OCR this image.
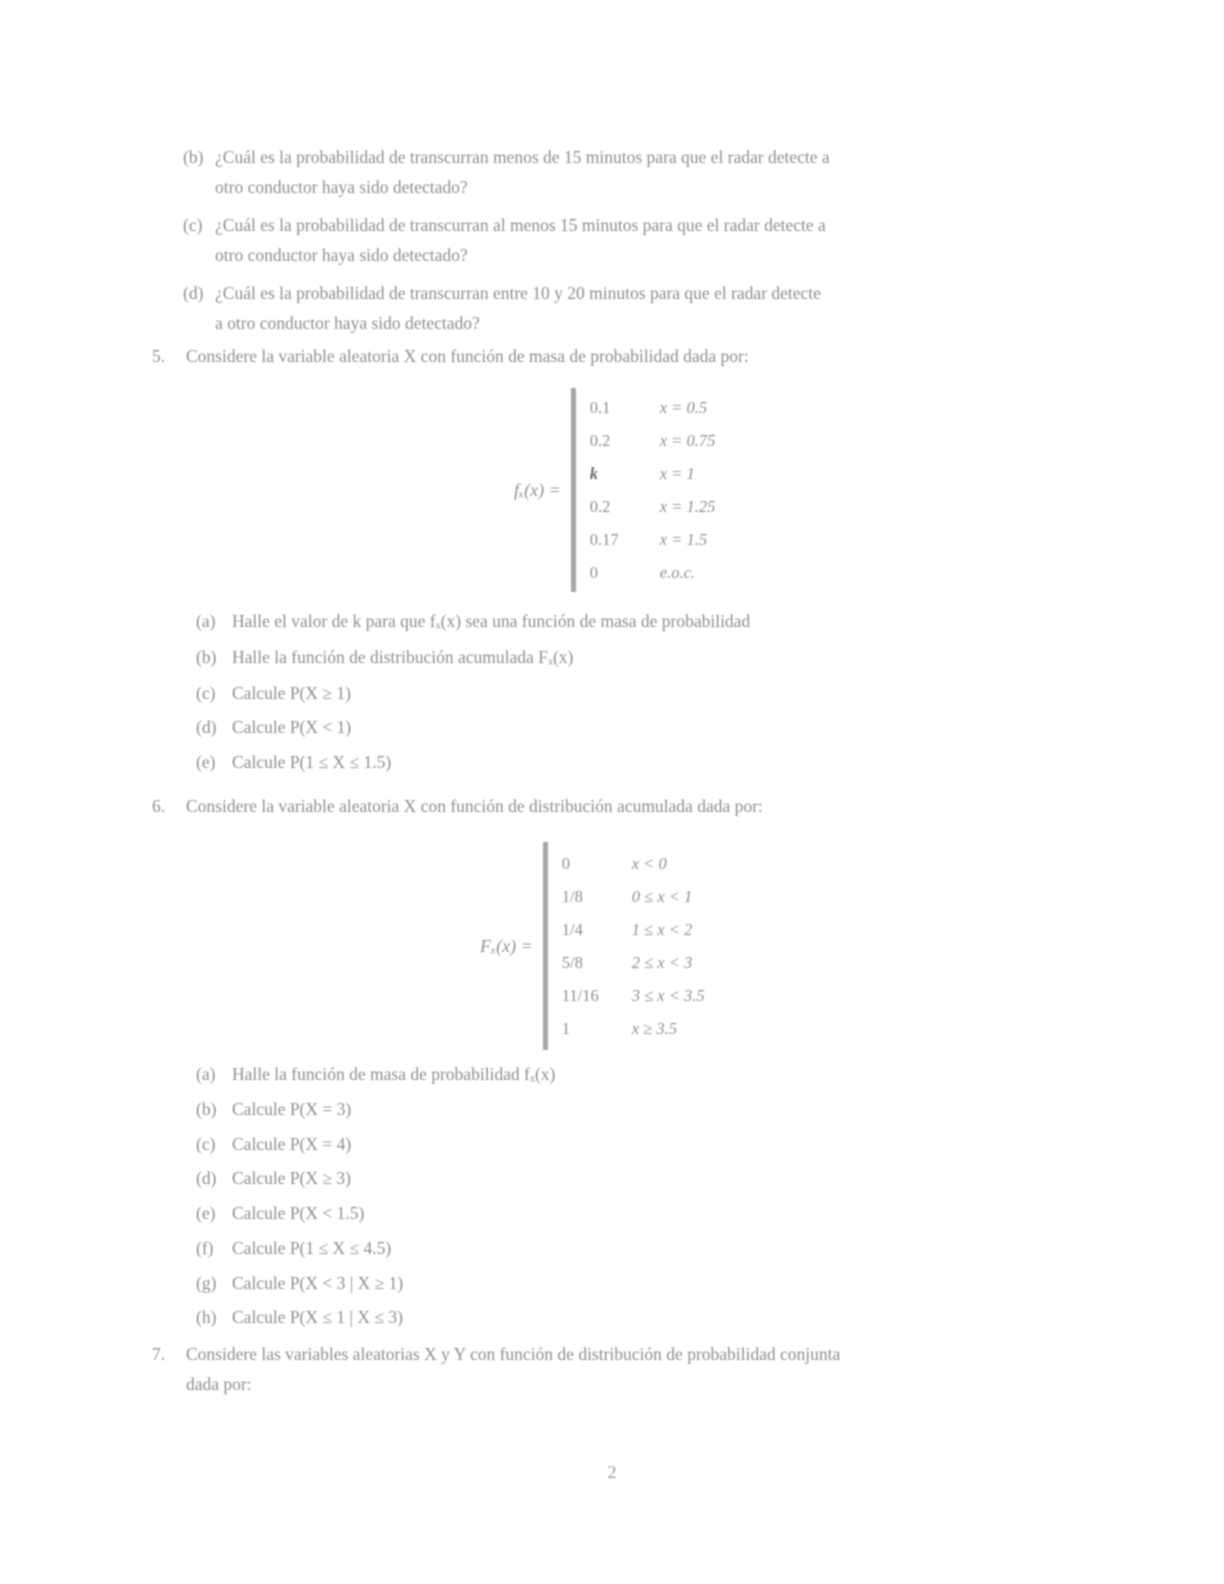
(b) ¿Cuál es la probabilidad de transcurran menos de 15 minutos para que el radar detecte a
otro conductor haya sido detectado?
(c) ¿Cuál es la probabilidad de transcurran al menos 15 minutos para que el radar detecte a
otro conductor haya sido detectado?
(d) ¿Cuál es la probabilidad de transcurran entre 10 y 20 minutos para que el radar detecte
a otro conductor haya sido detectado?
5. Considere la variable aleatoria X con función de masa de probabilidad dada por:
fₓ(x) =
0.1	x = 0.5
0.2	x = 0.75
k	x = 1
0.2	x = 1.25
0.17	x = 1.5
0	e.o.c.
(a) Halle el valor de k para que fₓ(x) sea una función de masa de probabilidad
(b) Halle la función de distribución acumulada Fₓ(x)
(c) Calcule P(X ≥ 1)
(d) Calcule P(X < 1)
(e) Calcule P(1 ≤ X ≤ 1.5)
6. Considere la variable aleatoria X con función de distribución acumulada dada por:
Fₓ(x) =
0	x < 0
1/8	0 ≤ x < 1
1/4	1 ≤ x < 2
5/8	2 ≤ x < 3
11/16	3 ≤ x < 3.5
1	x ≥ 3.5
(a) Halle la función de masa de probabilidad fₓ(x)
(b) Calcule P(X = 3)
(c) Calcule P(X = 4)
(d) Calcule P(X ≥ 3)
(e) Calcule P(X < 1.5)
(f) Calcule P(1 ≤ X ≤ 4.5)
(g) Calcule P(X < 3 | X ≥ 1)
(h) Calcule P(X ≤ 1 | X ≤ 3)
7. Considere las variables aleatorias X y Y con función de distribución de probabilidad conjunta
dada por:
2
